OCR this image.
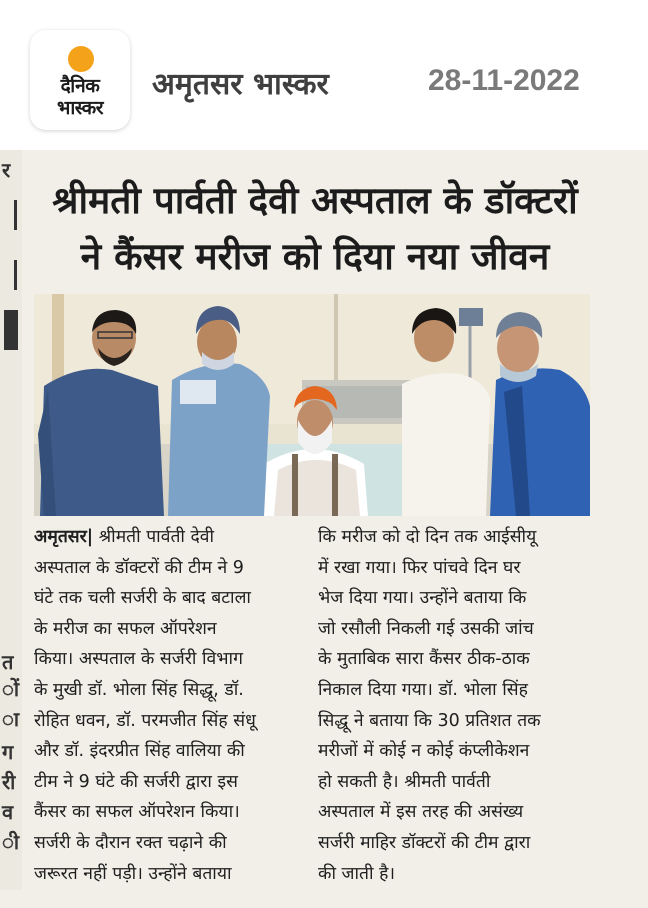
दैनिक
भास्कर
अमृतसर भास्कर	28-11-2022
र
त
ों
ा
ग
री
व
ी
श्रीमती पार्वती देवी अस्पताल के डॉक्टरों
ने कैंसर मरीज को दिया नया जीवन

अमृतसर| श्रीमती पार्वती देवी

अस्पताल के डॉक्टरों की टीम ने 9

घंटे तक चली सर्जरी के बाद बटाला

के मरीज का सफल ऑपरेशन

किया। अस्पताल के सर्जरी विभाग

के मुखी डॉ. भोला सिंह सिद्धू, डॉ.

रोहित धवन, डॉ. परमजीत सिंह संधू

और डॉ. इंदरप्रीत सिंह वालिया की

टीम ने 9 घंटे की सर्जरी द्वारा इस

कैंसर का सफल ऑपरेशन किया।

सर्जरी के दौरान रक्त चढ़ाने की

जरूरत नहीं पड़ी। उन्होंने बताया

कि मरीज को दो दिन तक आईसीयू

में रखा गया। फिर पांचवे दिन घर

भेज दिया गया। उन्होंने बताया कि

जो रसौली निकली गई उसकी जांच

के मुताबिक सारा कैंसर ठीक-ठाक

निकाल दिया गया। डॉ. भोला सिंह

सिद्धू ने बताया कि 30 प्रतिशत तक

मरीजों में कोई न कोई कंप्लीकेशन

हो सकती है। श्रीमती पार्वती

अस्पताल में इस तरह की असंख्य

सर्जरी माहिर डॉक्टरों की टीम द्वारा

की जाती है।
